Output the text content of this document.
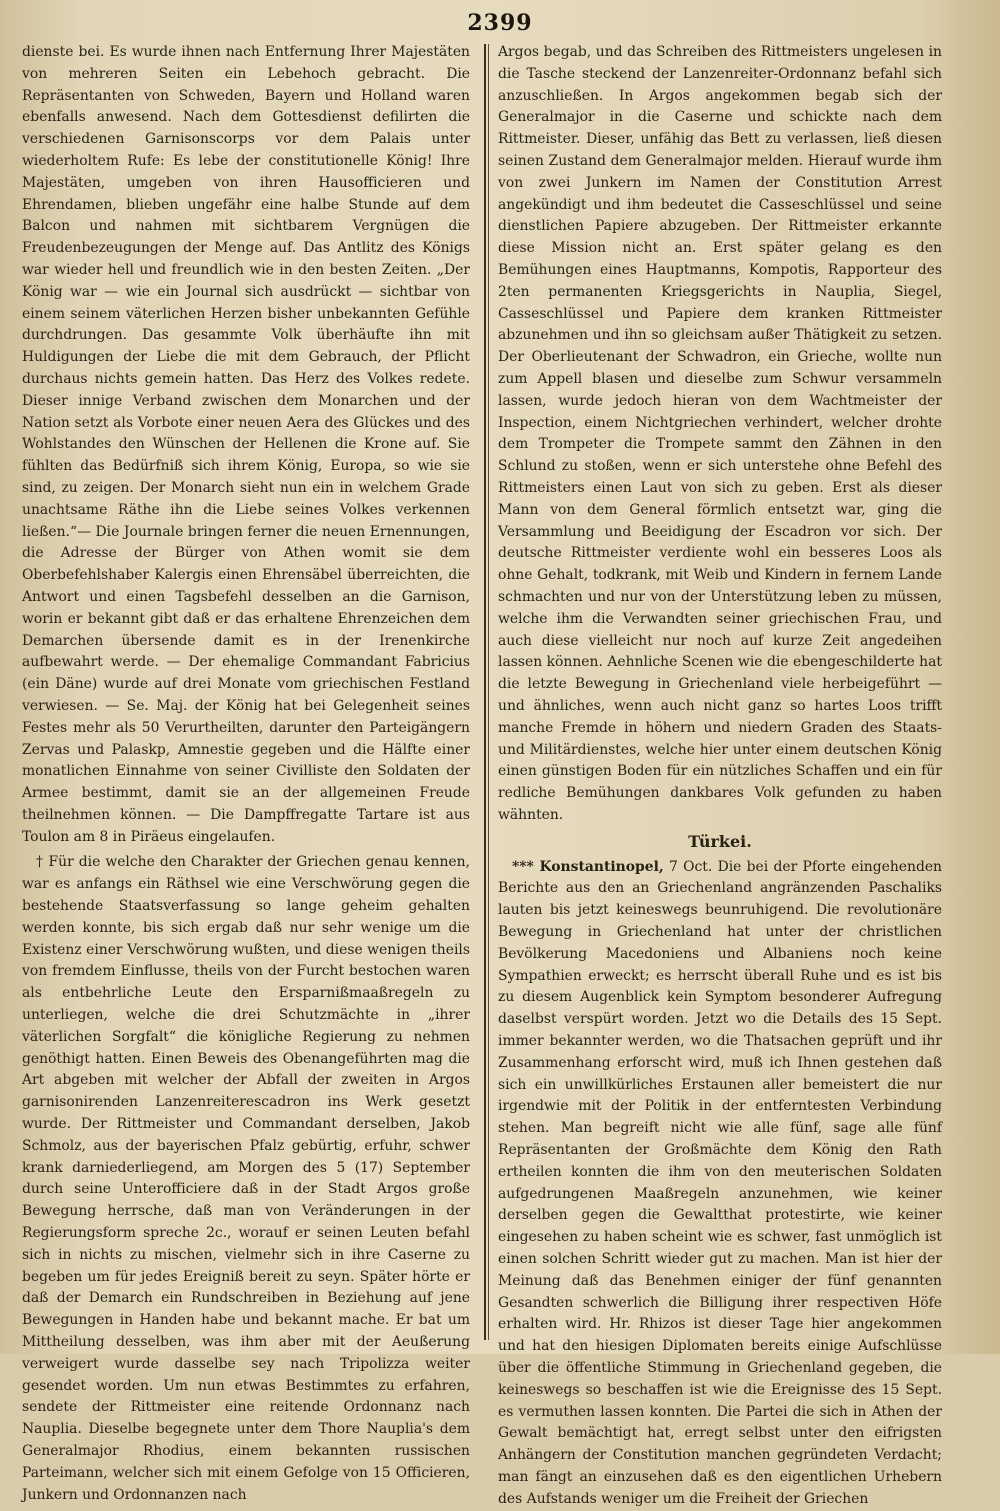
2399

dienste bei. Es wurde ihnen nach Entfernung Ihrer Majestäten von mehreren Seiten ein Lebehoch gebracht. Die Repräsentanten von Schweden, Bayern und Holland waren ebenfalls anwesend. Nach dem Gottesdienst defilirten die verschiedenen Garnisonscorps vor dem Palais unter wiederholtem Rufe: Es lebe der constitutionelle König! Ihre Majestäten, umgeben von ihren Hausofficieren und Ehrendamen, blieben ungefähr eine halbe Stunde auf dem Balcon und nahmen mit sichtbarem Vergnügen die Freudenbezeugungen der Menge auf. Das Antlitz des Königs war wieder hell und freundlich wie in den besten Zeiten. „Der König war — wie ein Journal sich ausdrückt — sichtbar von einem seinem väterlichen Herzen bisher unbekannten Gefühle durchdrungen. Das gesammte Volk überhäufte ihn mit Huldigungen der Liebe die mit dem Gebrauch, der Pflicht durchaus nichts gemein hatten. Das Herz des Volkes redete. Dieser innige Verband zwischen dem Monarchen und der Nation setzt als Vorbote einer neuen Aera des Glückes und des Wohlstandes den Wünschen der Hellenen die Krone auf. Sie fühlten das Bedürfniß sich ihrem König, Europa, so wie sie sind, zu zeigen. Der Monarch sieht nun ein in welchem Grade unachtsame Räthe ihn die Liebe seines Volkes verkennen ließen.“— Die Journale bringen ferner die neuen Ernennungen, die Adresse der Bürger von Athen womit sie dem Oberbefehlshaber Kalergis einen Ehrensäbel überreichten, die Antwort und einen Tagsbefehl desselben an die Garnison, worin er bekannt gibt daß er das erhaltene Ehrenzeichen dem Demarchen übersende damit es in der Irenenkirche aufbewahrt werde. — Der ehemalige Commandant Fabricius (ein Däne) wurde auf drei Monate vom griechischen Festland verwiesen. — Se. Maj. der König hat bei Gelegenheit seines Festes mehr als 50 Verurtheilten, darunter den Parteigängern Zervas und Palaskp, Amnestie gegeben und die Hälfte einer monatlichen Einnahme von seiner Civilliste den Soldaten der Armee bestimmt, damit sie an der allgemeinen Freude theilnehmen können. — Die Dampffregatte Tartare ist aus Toulon am 8 in Piräeus eingelaufen.

† Für die welche den Charakter der Griechen genau kennen, war es anfangs ein Räthsel wie eine Verschwörung gegen die bestehende Staatsverfassung so lange geheim gehalten werden konnte, bis sich ergab daß nur sehr wenige um die Existenz einer Verschwörung wußten, und diese wenigen theils von fremdem Einflusse, theils von der Furcht bestochen waren als entbehrliche Leute den Ersparnißmaaßregeln zu unterliegen, welche die drei Schutzmächte in „ihrer väterlichen Sorgfalt“ die königliche Regierung zu nehmen genöthigt hatten. Einen Beweis des Obenangeführten mag die Art abgeben mit welcher der Abfall der zweiten in Argos garnisonirenden Lanzenreiterescadron ins Werk gesetzt wurde. Der Rittmeister und Commandant derselben, Jakob Schmolz, aus der bayerischen Pfalz gebürtig, erfuhr, schwer krank darniederliegend, am Morgen des 5 (17) September durch seine Unterofficiere daß in der Stadt Argos große Bewegung herrsche, daß man von Veränderungen in der Regierungsform spreche 2c., worauf er seinen Leuten befahl sich in nichts zu mischen, vielmehr sich in ihre Caserne zu begeben um für jedes Ereigniß bereit zu seyn. Später hörte er daß der Demarch ein Rundschreiben in Beziehung auf jene Bewegungen in Handen habe und bekannt mache. Er bat um Mittheilung desselben, was ihm aber mit der Aeußerung verweigert wurde dasselbe sey nach Tripolizza weiter gesendet worden. Um nun etwas Bestimmtes zu erfahren, sendete der Rittmeister eine reitende Ordonnanz nach Nauplia. Dieselbe begegnete unter dem Thore Nauplia's dem Generalmajor Rhodius, einem bekannten russischen Parteimann, welcher sich mit einem Gefolge von 15 Officieren, Junkern und Ordonnanzen nach

Argos begab, und das Schreiben des Rittmeisters ungelesen in die Tasche steckend der Lanzenreiter-Ordonnanz befahl sich anzuschließen. In Argos angekommen begab sich der Generalmajor in die Caserne und schickte nach dem Rittmeister. Dieser, unfähig das Bett zu verlassen, ließ diesen seinen Zustand dem Generalmajor melden. Hierauf wurde ihm von zwei Junkern im Namen der Constitution Arrest angekündigt und ihm bedeutet die Casseschlüssel und seine dienstlichen Papiere abzugeben. Der Rittmeister erkannte diese Mission nicht an. Erst später gelang es den Bemühungen eines Hauptmanns, Kompotis, Rapporteur des 2ten permanenten Kriegsgerichts in Nauplia, Siegel, Casseschlüssel und Papiere dem kranken Rittmeister abzunehmen und ihn so gleichsam außer Thätigkeit zu setzen. Der Oberlieutenant der Schwadron, ein Grieche, wollte nun zum Appell blasen und dieselbe zum Schwur versammeln lassen, wurde jedoch hieran von dem Wachtmeister der Inspection, einem Nichtgriechen verhindert, welcher drohte dem Trompeter die Trompete sammt den Zähnen in den Schlund zu stoßen, wenn er sich unterstehe ohne Befehl des Rittmeisters einen Laut von sich zu geben. Erst als dieser Mann von dem General förmlich entsetzt war, ging die Versammlung und Beeidigung der Escadron vor sich. Der deutsche Rittmeister verdiente wohl ein besseres Loos als ohne Gehalt, todkrank, mit Weib und Kindern in fernem Lande schmachten und nur von der Unterstützung leben zu müssen, welche ihm die Verwandten seiner griechischen Frau, und auch diese vielleicht nur noch auf kurze Zeit angedeihen lassen können. Aehnliche Scenen wie die ebengeschilderte hat die letzte Bewegung in Griechenland viele herbeigeführt — und ähnliches, wenn auch nicht ganz so hartes Loos trifft manche Fremde in höhern und niedern Graden des Staats- und Militärdienstes, welche hier unter einem deutschen König einen günstigen Boden für ein nützliches Schaffen und ein für redliche Bemühungen dankbares Volk gefunden zu haben wähnten.

Türkei.

*** Konstantinopel, 7 Oct. Die bei der Pforte eingehenden Berichte aus den an Griechenland angränzenden Paschaliks lauten bis jetzt keineswegs beunruhigend. Die revolutionäre Bewegung in Griechenland hat unter der christlichen Bevölkerung Macedoniens und Albaniens noch keine Sympathien erweckt; es herrscht überall Ruhe und es ist bis zu diesem Augenblick kein Symptom besonderer Aufregung daselbst verspürt worden. Jetzt wo die Details des 15 Sept. immer bekannter werden, wo die Thatsachen geprüft und ihr Zusammenhang erforscht wird, muß ich Ihnen gestehen daß sich ein unwillkürliches Erstaunen aller bemeistert die nur irgendwie mit der Politik in der entferntesten Verbindung stehen. Man begreift nicht wie alle fünf, sage alle fünf Repräsentanten der Großmächte dem König den Rath ertheilen konnten die ihm von den meuterischen Soldaten aufgedrungenen Maaßregeln anzunehmen, wie keiner derselben gegen die Gewaltthat protestirte, wie keiner eingesehen zu haben scheint wie es schwer, fast unmöglich ist einen solchen Schritt wieder gut zu machen. Man ist hier der Meinung daß das Benehmen einiger der fünf genannten Gesandten schwerlich die Billigung ihrer respectiven Höfe erhalten wird. Hr. Rhizos ist dieser Tage hier angekommen und hat den hiesigen Diplomaten bereits einige Aufschlüsse über die öffentliche Stimmung in Griechenland gegeben, die keineswegs so beschaffen ist wie die Ereignisse des 15 Sept. es vermuthen lassen konnten. Die Partei die sich in Athen der Gewalt bemächtigt hat, erregt selbst unter den eifrigsten Anhängern der Constitution manchen gegründeten Verdacht; man fängt an einzusehen daß es den eigentlichen Urhebern des Aufstands weniger um die Freiheit der Griechen
